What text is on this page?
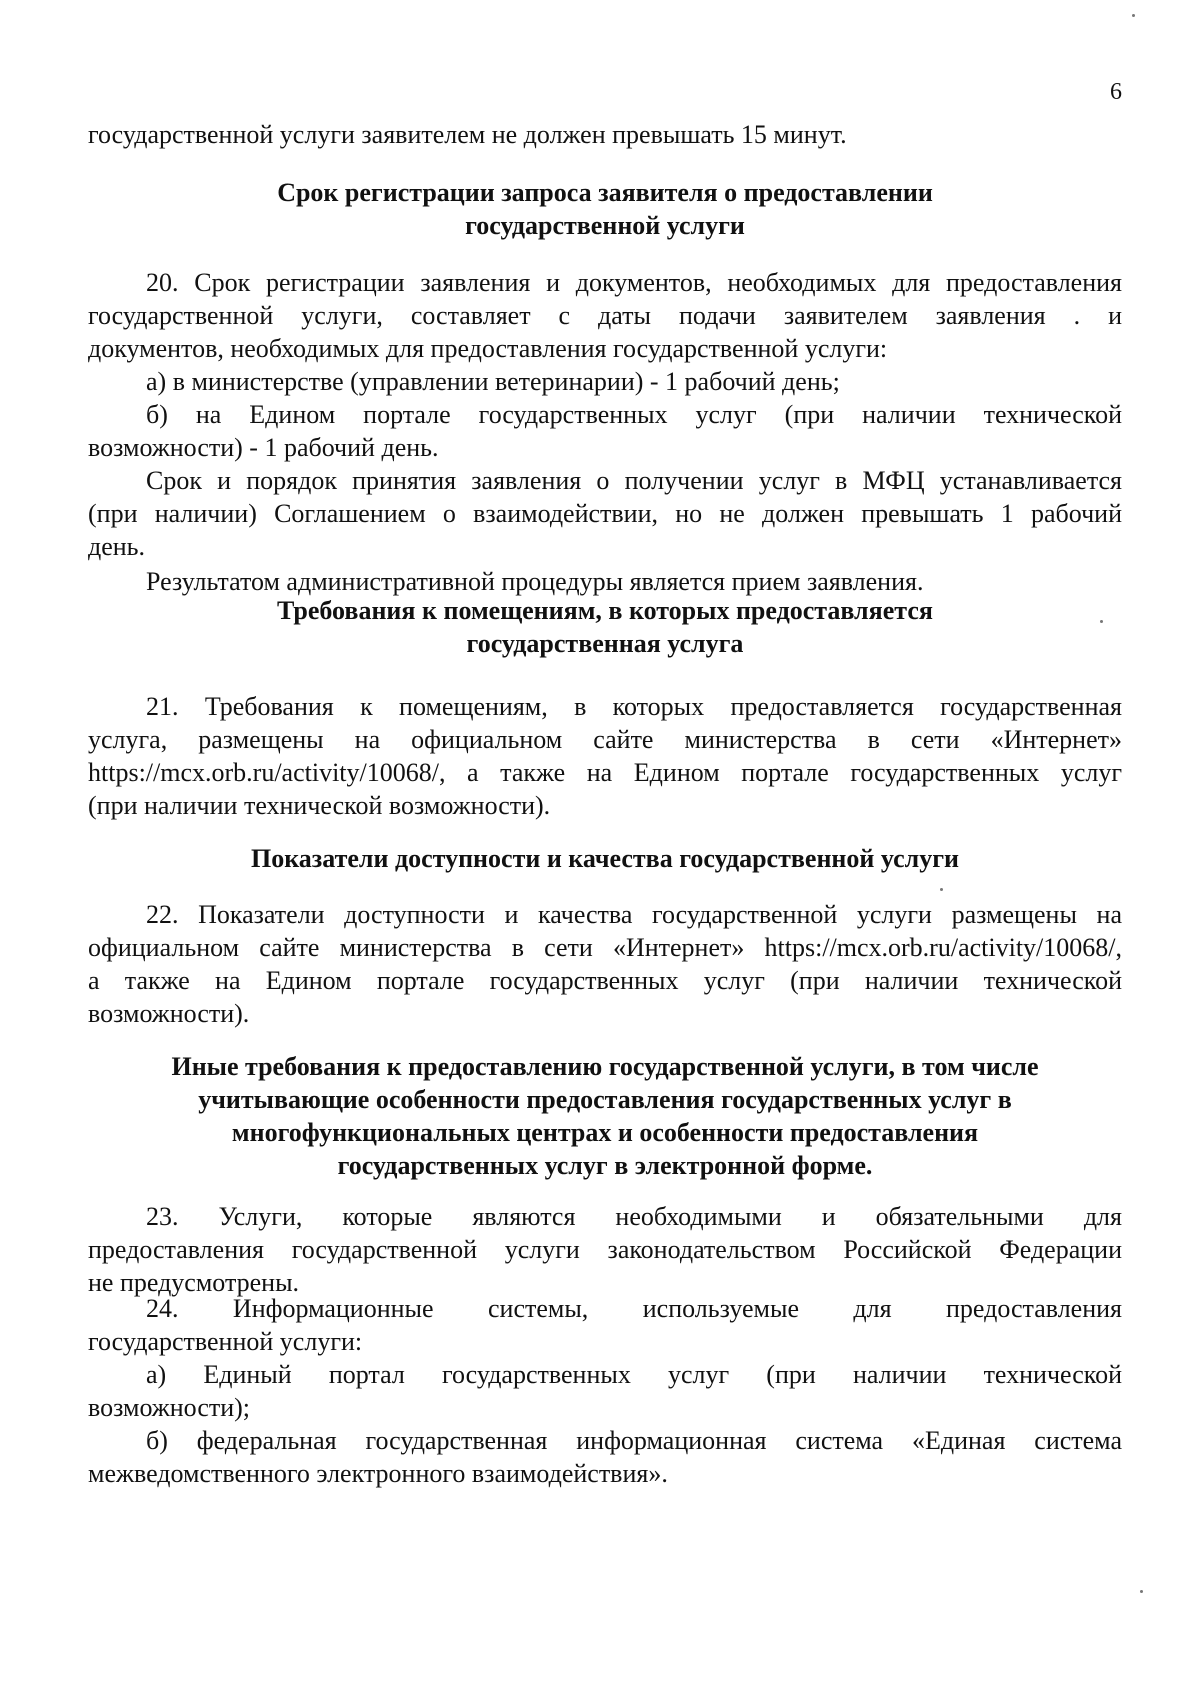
6

государственной услуги заявителем не должен превышать 15 минут.

Срок регистрации запроса заявителя о предоставлении
государственной услуги

20. Срок регистрации заявления и документов, необходимых для предоставления

государственной услуги, составляет с даты подачи заявителем заявления . и

документов, необходимых для предоставления государственной услуги:

а) в министерстве (управлении ветеринарии) - 1 рабочий день;

б) на Едином портале государственных услуг (при наличии технической

возможности) - 1 рабочий день.

Срок и порядок принятия заявления о получении услуг в МФЦ устанавливается

(при наличии) Соглашением о взаимодействии, но не должен превышать 1 рабочий

день.

Результатом административной процедуры является прием заявления.

Требования к помещениям, в которых предоставляется
государственная услуга

21. Требования к помещениям, в которых предоставляется государственная

услуга, размещены на официальном сайте министерства в сети «Интернет»

https://mcx.orb.ru/activity/10068/, а также на Едином портале государственных услуг

(при наличии технической возможности).

Показатели доступности и качества государственной услуги

22. Показатели доступности и качества государственной услуги размещены на

официальном сайте министерства в сети «Интернет» https://mcx.orb.ru/activity/10068/,

а также на Едином портале государственных услуг (при наличии технической

возможности).

Иные требования к предоставлению государственной услуги, в том числе
учитывающие особенности предоставления государственных услуг в
многофункциональных центрах и особенности предоставления
государственных услуг в электронной форме.

23. Услуги, которые являются необходимыми и обязательными для

предоставления государственной услуги законодательством Российской Федерации

не предусмотрены.

24. Информационные системы, используемые для предоставления

государственной услуги:

а) Единый портал государственных услуг (при наличии технической

возможности);

б) федеральная государственная информационная система «Единая система

межведомственного электронного взаимодействия».
